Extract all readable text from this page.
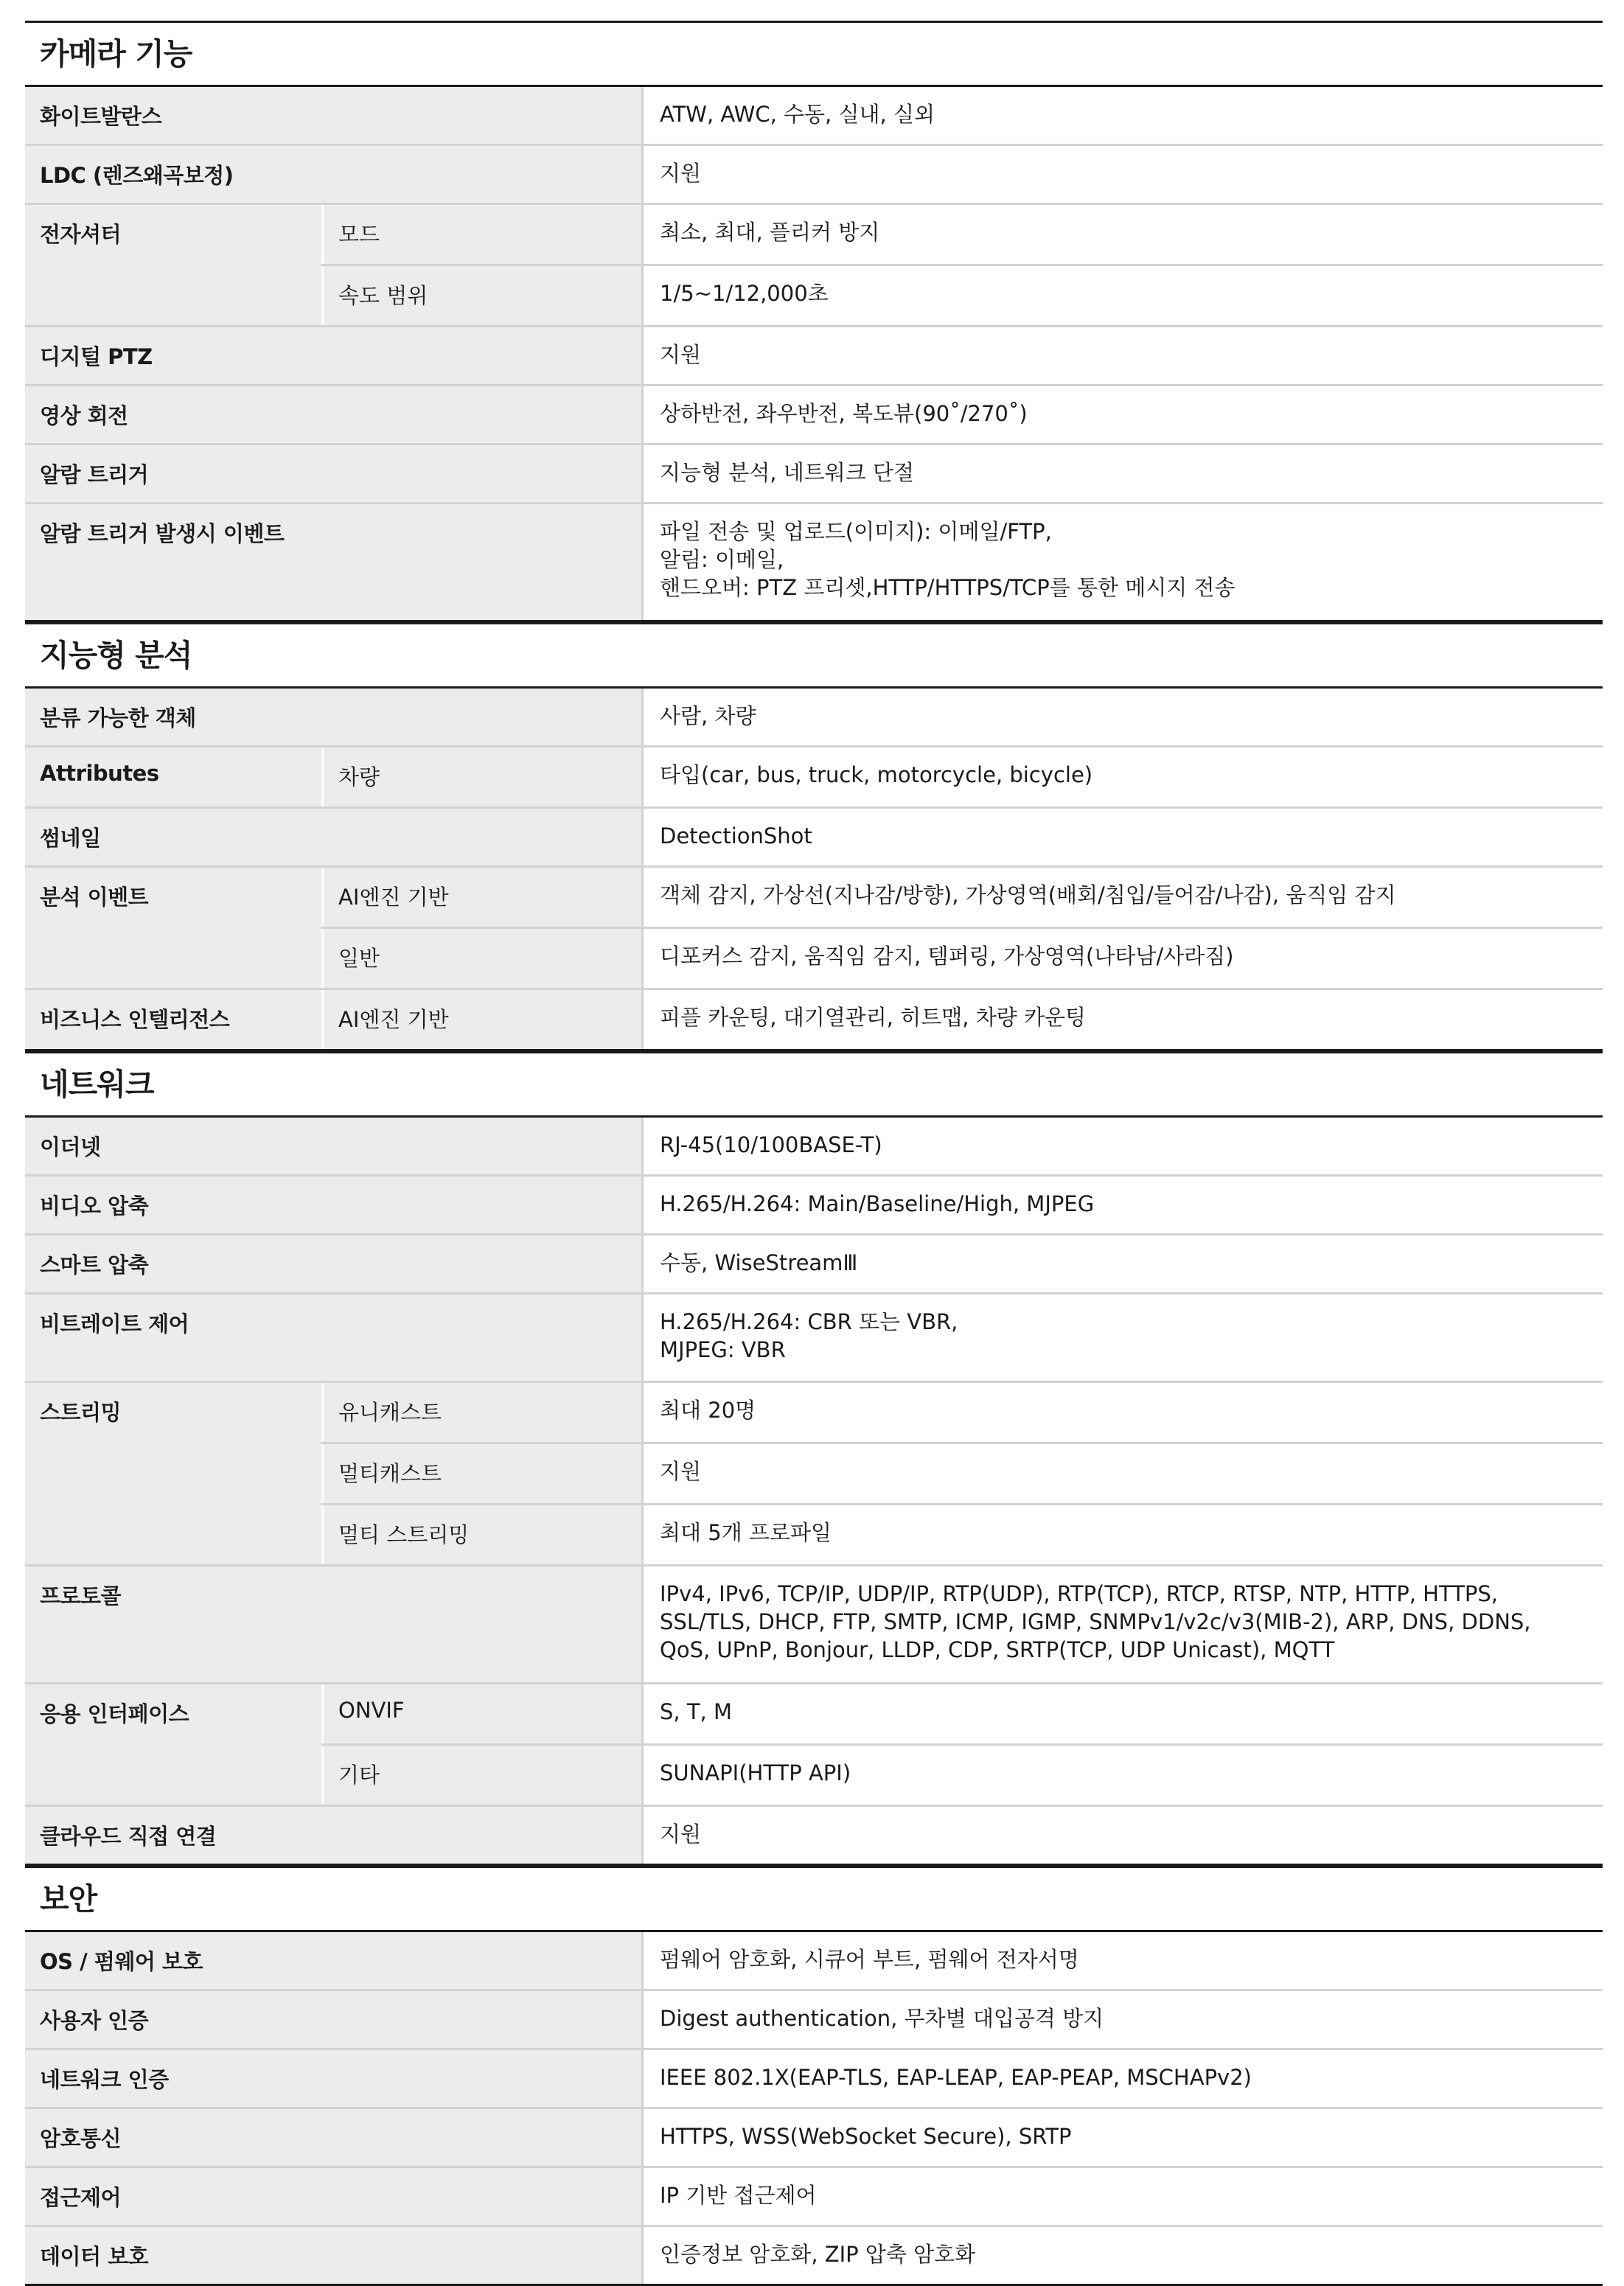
카메라 기능
화이트발란스	ATW, AWC, 수동, 실내, 실외
LDC (렌즈왜곡보정)	지원
전자셔터	모드	최소, 최대, 플리커 방지
속도 범위	1/5~1/12,000초
디지털 PTZ	지원
영상 회전	상하반전, 좌우반전, 복도뷰(90˚/270˚)
알람 트리거	지능형 분석, 네트워크 단절
알람 트리거 발생시 이벤트	파일 전송 및 업로드(이미지): 이메일/FTP,
알림: 이메일,
핸드오버: PTZ 프리셋,HTTP/HTTPS/TCP를 통한 메시지 전송
지능형 분석
분류 가능한 객체	사람, 차량
Attributes	차량	타입(car, bus, truck, motorcycle, bicycle)
썸네일	DetectionShot
분석 이벤트	AI엔진 기반	객체 감지, 가상선(지나감/방향), 가상영역(배회/침입/들어감/나감), 움직임 감지
일반	디포커스 감지, 움직임 감지, 템퍼링, 가상영역(나타남/사라짐)
비즈니스 인텔리전스	AI엔진 기반	피플 카운팅, 대기열관리, 히트맵, 차량 카운팅
네트워크
이더넷	RJ-45(10/100BASE-T)
비디오 압축	H.265/H.264: Main/Baseline/High, MJPEG
스마트 압축	수동, WiseStreamⅢ
비트레이트 제어	H.265/H.264: CBR 또는 VBR,
MJPEG: VBR
스트리밍	유니캐스트	최대 20명
멀티캐스트	지원
멀티 스트리밍	최대 5개 프로파일
프로토콜	IPv4, IPv6, TCP/IP, UDP/IP, RTP(UDP), RTP(TCP), RTCP, RTSP, NTP, HTTP, HTTPS,
SSL/TLS, DHCP, FTP, SMTP, ICMP, IGMP, SNMPv1/v2c/v3(MIB-2), ARP, DNS, DDNS,
QoS, UPnP, Bonjour, LLDP, CDP, SRTP(TCP, UDP Unicast), MQTT
응용 인터페이스	ONVIF	S, T, M
기타	SUNAPI(HTTP API)
클라우드 직접 연결	지원
보안
OS / 펌웨어 보호	펌웨어 암호화, 시큐어 부트, 펌웨어 전자서명
사용자 인증	Digest authentication, 무차별 대입공격 방지
네트워크 인증	IEEE 802.1X(EAP-TLS, EAP-LEAP, EAP-PEAP, MSCHAPv2)
암호통신	HTTPS, WSS(WebSocket Secure), SRTP
접근제어	IP 기반 접근제어
데이터 보호	인증정보 암호화, ZIP 압축 암호화
